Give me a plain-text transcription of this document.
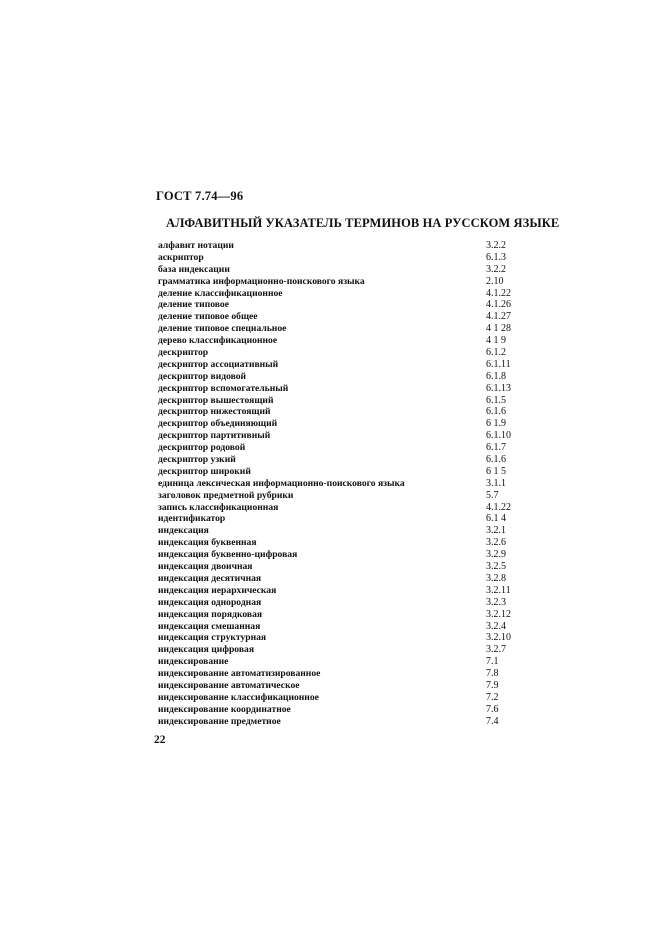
ГОСТ 7.74—96
АЛФАВИТНЫЙ УКАЗАТЕЛЬ ТЕРМИНОВ НА РУССКОМ ЯЗЫКЕ
алфавит нотации	3.2.2
аскриптор	6.1.3
база индексации	3.2.2
грамматика информационно-поискового языка	2.10
деление классификационное	4.1.22
деление типовое	4.1.26
деление типовое общее	4.1.27
деление типовое специальное	4 1 28
дерево классификационное	4 1 9
дескриптор	6.1.2
дескриптор ассоциативный	6.1.11
дескриптор видовой	6.1.8
дескриптор вспомогательный	6.1.13
дескриптор вышестоящий	6.1.5
дескриптор нижестоящий	6.1.6
дескриптор объединяющий	6 1.9
дескриптор партитивный	6.1.10
дескриптор родовой	6.1.7
дескриптор узкий	6.1.6
дескриптор широкий	6 1 5
единица лексическая информационно-поискового языка	3.1.1
заголовок предметной рубрики	5.7
запись классификационная	4.1.22
идентификатор	6.1 4
индексация	3.2.1
индексация буквенная	3.2.6
индексация буквенно-цифровая	3.2.9
индексация двоичная	3.2.5
индексация десятичная	3.2.8
индексация иерархическая	3.2.11
индексация однородная	3.2.3
индексация порядковая	3.2.12
индексация смешанная	3.2.4
индексация структурная	3.2.10
индексация цифровая	3.2.7
индексирование	7.1
индексирование автоматизированное	7.8
индексирование автоматическое	7.9
индексирование классификационное	7.2
индексирование координатное	7.6
индексирование предметное	7.4
22
